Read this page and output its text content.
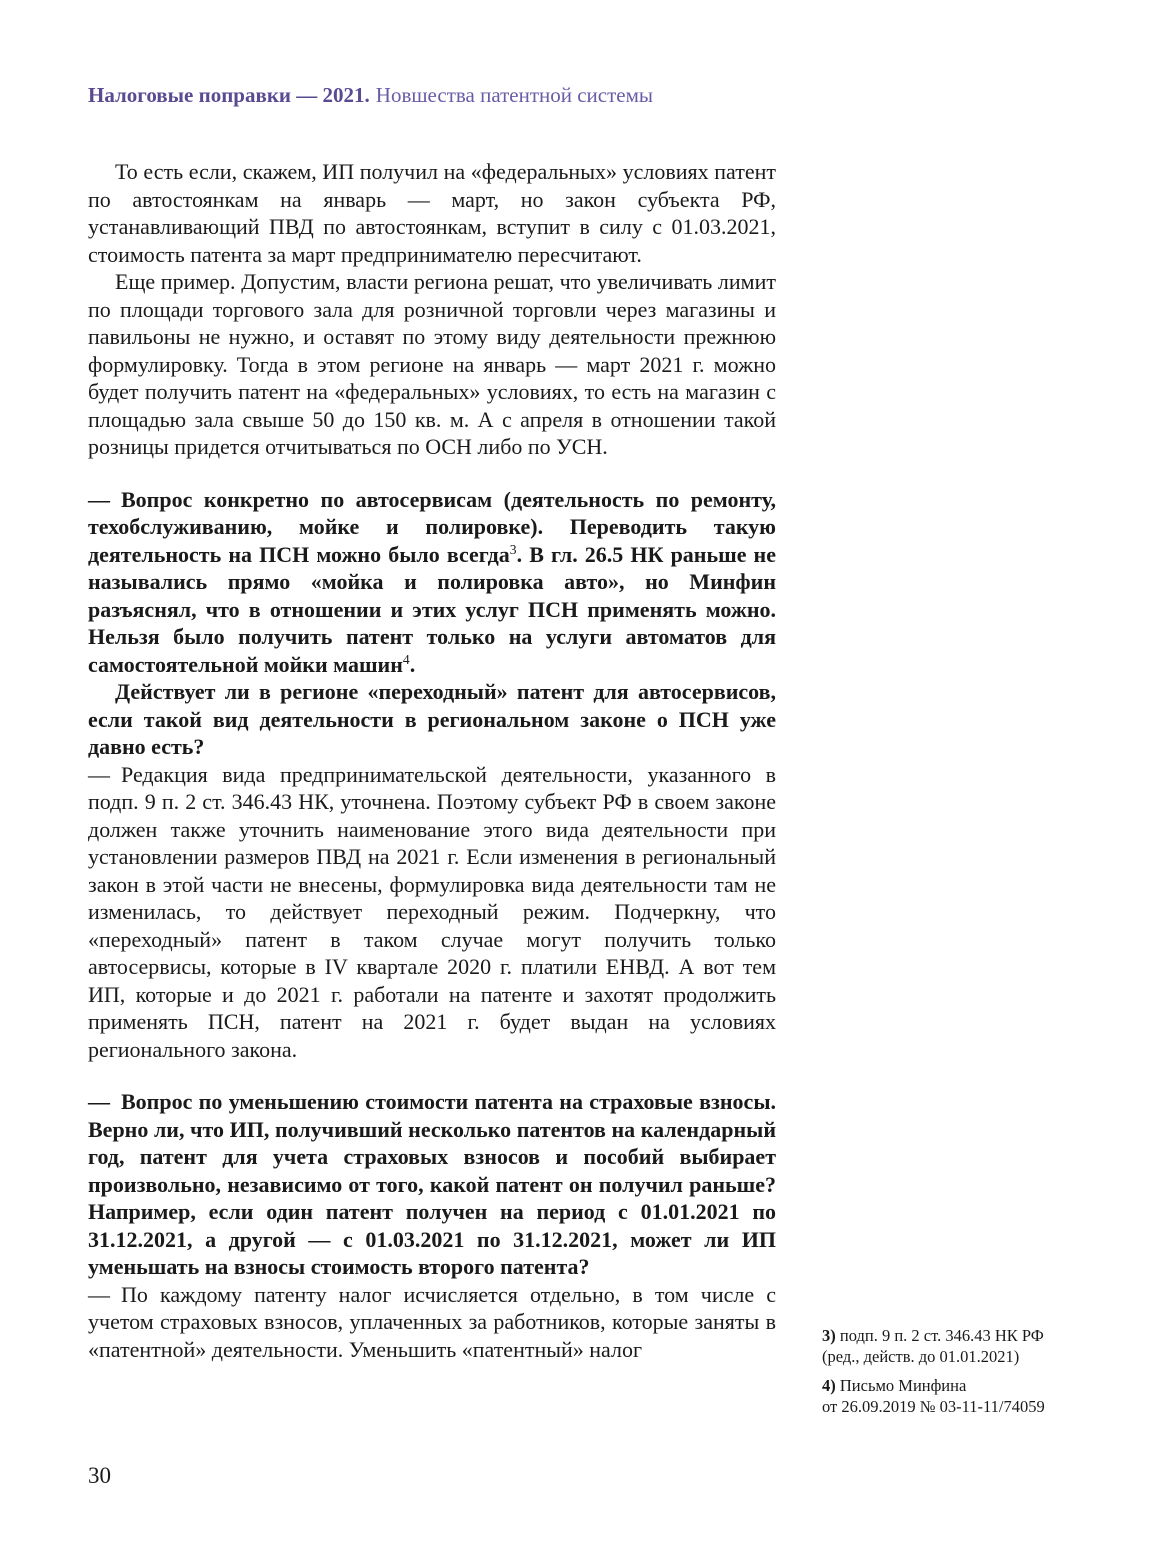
Налоговые поправки — 2021. Новшества патентной системы

То есть если, скажем, ИП получил на «федеральных» условиях патент по автостоянкам на январь — март, но закон субъекта РФ, устанавливающий ПВД по автостоянкам, вступит в силу с 01.03.2021, стоимость патента за март предпринимателю пересчитают.

Еще пример. Допустим, власти региона решат, что увеличивать лимит по площади торгового зала для розничной торговли через магазины и павильоны не нужно, и оставят по этому виду деятельности прежнюю формулировку. Тогда в этом регионе на январь — март 2021 г. можно будет получить патент на «федеральных» условиях, то есть на магазин с площадью зала свыше 50 до 150 кв. м. А с апреля в отношении такой розницы придется отчитываться по ОСН либо по УСН.

— Вопрос конкретно по автосервисам (деятельность по ремонту, техобслуживанию, мойке и полировке). Переводить такую деятельность на ПСН можно было всегда$^3$. В гл. 26.5 НК раньше не назывались прямо «мойка и полировка авто», но Минфин разъяснял, что в отношении и этих услуг ПСН применять можно. Нельзя было получить патент только на услуги автоматов для самостоятельной мойки машин$^4$.

Действует ли в регионе «переходный» патент для автосервисов, если такой вид деятельности в региональном законе о ПСН уже давно есть?

— Редакция вида предпринимательской деятельности, указанного в подп. 9 п. 2 ст. 346.43 НК, уточнена. Поэтому субъект РФ в своем законе должен также уточнить наименование этого вида деятельности при установлении размеров ПВД на 2021 г. Если изменения в региональный закон в этой части не внесены, формулировка вида деятельности там не изменилась, то действует переходный режим. Подчеркну, что «переходный» патент в таком случае могут получить только автосервисы, которые в IV квартале 2020 г. платили ЕНВД. А вот тем ИП, которые и до 2021 г. работали на патенте и захотят продолжить применять ПСН, патент на 2021 г. будет выдан на условиях регионального закона.

— Вопрос по уменьшению стоимости патента на страховые взносы. Верно ли, что ИП, получивший несколько патентов на календарный год, патент для учета страховых взносов и пособий выбирает произвольно, независимо от того, какой патент он получил раньше? Например, если один патент получен на период с 01.01.2021 по 31.12.2021, а другой — с 01.03.2021 по 31.12.2021, может ли ИП уменьшать на взносы стоимость второго патента?

— По каждому патенту налог исчисляется отдельно, в том числе с учетом страховых взносов, уплаченных за работников, которые заняты в «патентной» деятельности. Уменьшить «патентный» налог

3) подп. 9 п. 2 ст. 346.43 НК РФ
(ред., действ. до 01.01.2021)
4) Письмо Минфина
от 26.09.2019 № 03-11-11/74059
30
